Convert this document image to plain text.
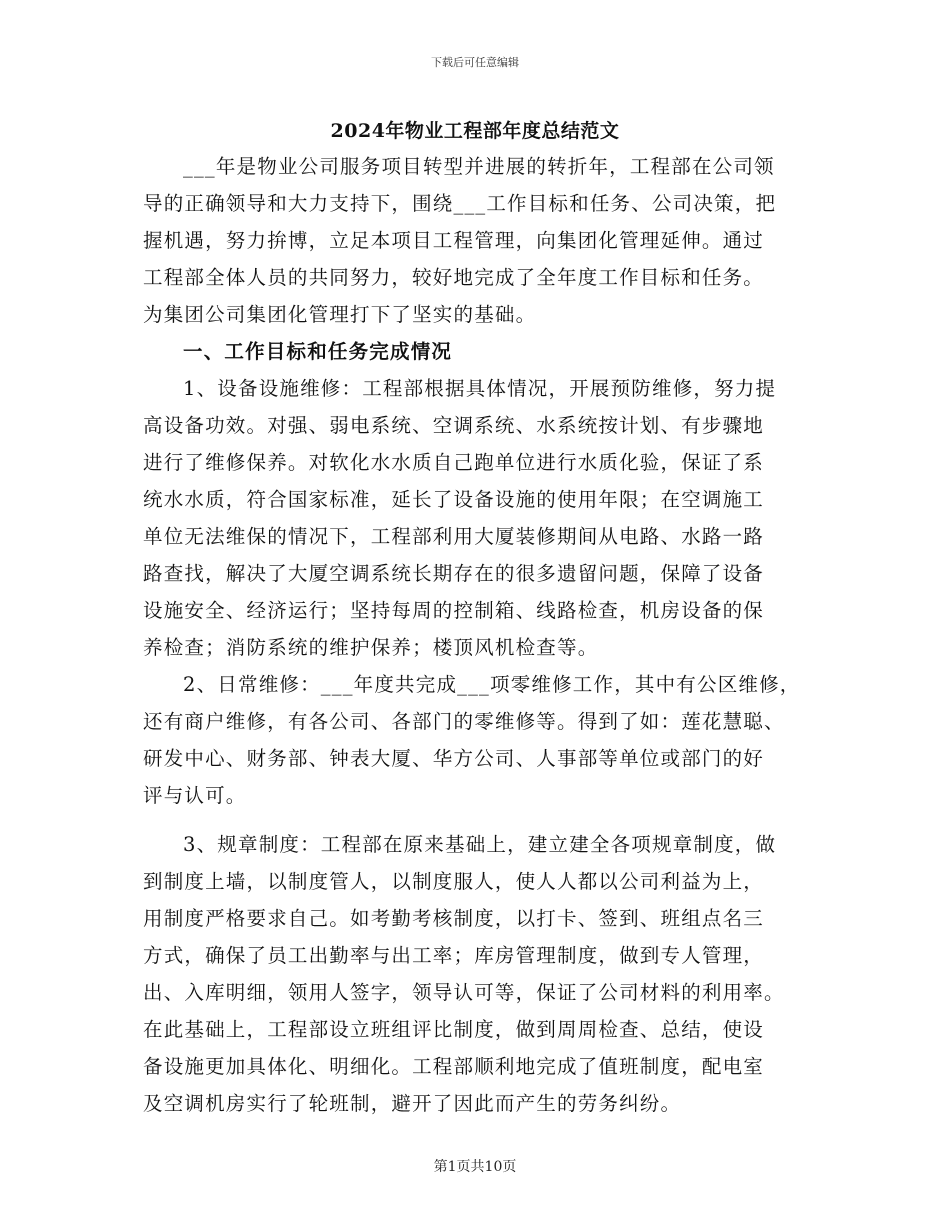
下载后可任意编辑
2024年物业工程部年度总结范文
___年是物业公司服务项目转型并进展的转折年，工程部在公司领
导的正确领导和大力支持下，围绕___工作目标和任务、公司决策，把
握机遇，努力拚博，立足本项目工程管理，向集团化管理延伸。通过
工程部全体人员的共同努力，较好地完成了全年度工作目标和任务。
为集团公司集团化管理打下了坚实的基础。
一、工作目标和任务完成情况
1、设备设施维修：工程部根据具体情况，开展预防维修，努力提
高设备功效。对强、弱电系统、空调系统、水系统按计划、有步骤地
进行了维修保养。对软化水水质自己跑单位进行水质化验，保证了系
统水水质，符合国家标准，延长了设备设施的使用年限；在空调施工
单位无法维保的情况下，工程部利用大厦装修期间从电路、水路一路
路查找，解决了大厦空调系统长期存在的很多遗留问题，保障了设备
设施安全、经济运行；坚持每周的控制箱、线路检查，机房设备的保
养检查；消防系统的维护保养；楼顶风机检查等。
2、日常维修：___年度共完成___项零维修工作，其中有公区维修，
还有商户维修，有各公司、各部门的零维修等。得到了如：莲花慧聪、
研发中心、财务部、钟表大厦、华方公司、人事部等单位或部门的好
评与认可。
3、规章制度：工程部在原来基础上，建立建全各项规章制度，做
到制度上墙，以制度管人，以制度服人，使人人都以公司利益为上，
用制度严格要求自己。如考勤考核制度，以打卡、签到、班组点名三
方式，确保了员工出勤率与出工率；库房管理制度，做到专人管理，
出、入库明细，领用人签字，领导认可等，保证了公司材料的利用率。
在此基础上，工程部设立班组评比制度，做到周周检查、总结，使设
备设施更加具体化、明细化。工程部顺利地完成了值班制度，配电室
及空调机房实行了轮班制，避开了因此而产生的劳务纠纷。
第1页共10页
